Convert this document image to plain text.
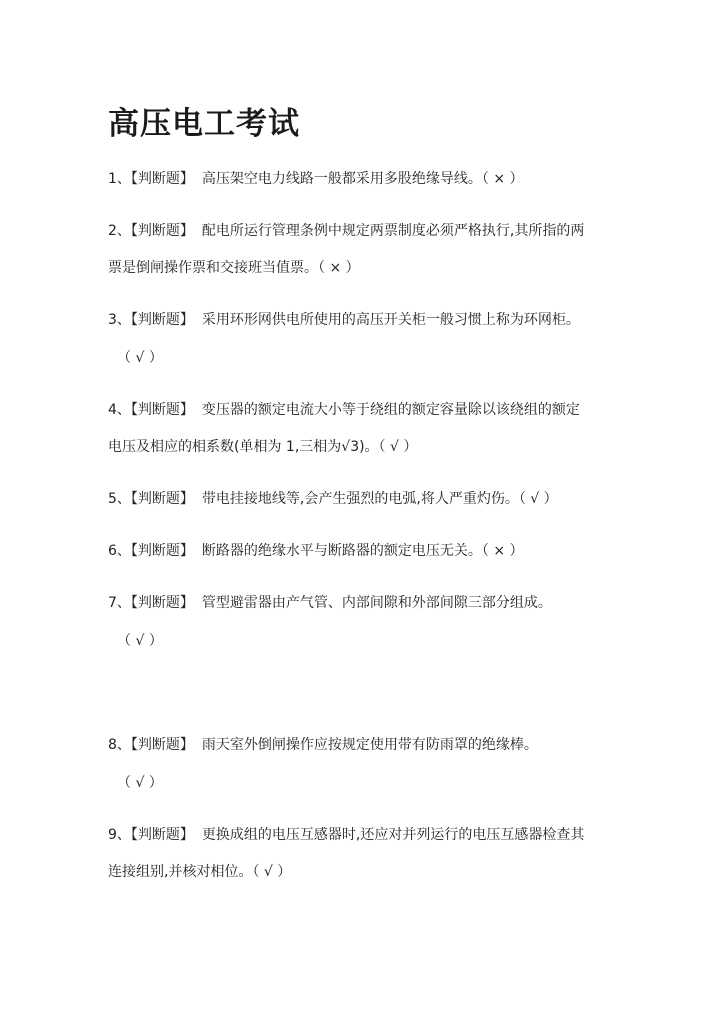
高压电工考试
1、【判断题】 高压架空电力线路一般都采用多股绝缘导线。（ × ）
2、【判断题】 配电所运行管理条例中规定两票制度必须严格执行,其所指的两
票是倒闸操作票和交接班当值票。（ × ）
3、【判断题】 采用环形网供电所使用的高压开关柜一般习惯上称为环网柜。
（ √ ）
4、【判断题】 变压器的额定电流大小等于绕组的额定容量除以该绕组的额定
电压及相应的相系数(单相为 1,三相为√3)。（ √ ）
5、【判断题】 带电挂接地线等,会产生强烈的电弧,将人严重灼伤。（ √ ）
6、【判断题】 断路器的绝缘水平与断路器的额定电压无关。（ × ）
7、【判断题】 管型避雷器由产气管、内部间隙和外部间隙三部分组成。
（ √ ）
8、【判断题】 雨天室外倒闸操作应按规定使用带有防雨罩的绝缘棒。
（ √ ）
9、【判断题】 更换成组的电压互感器时,还应对并列运行的电压互感器检查其
连接组别,并核对相位。（ √ ）
